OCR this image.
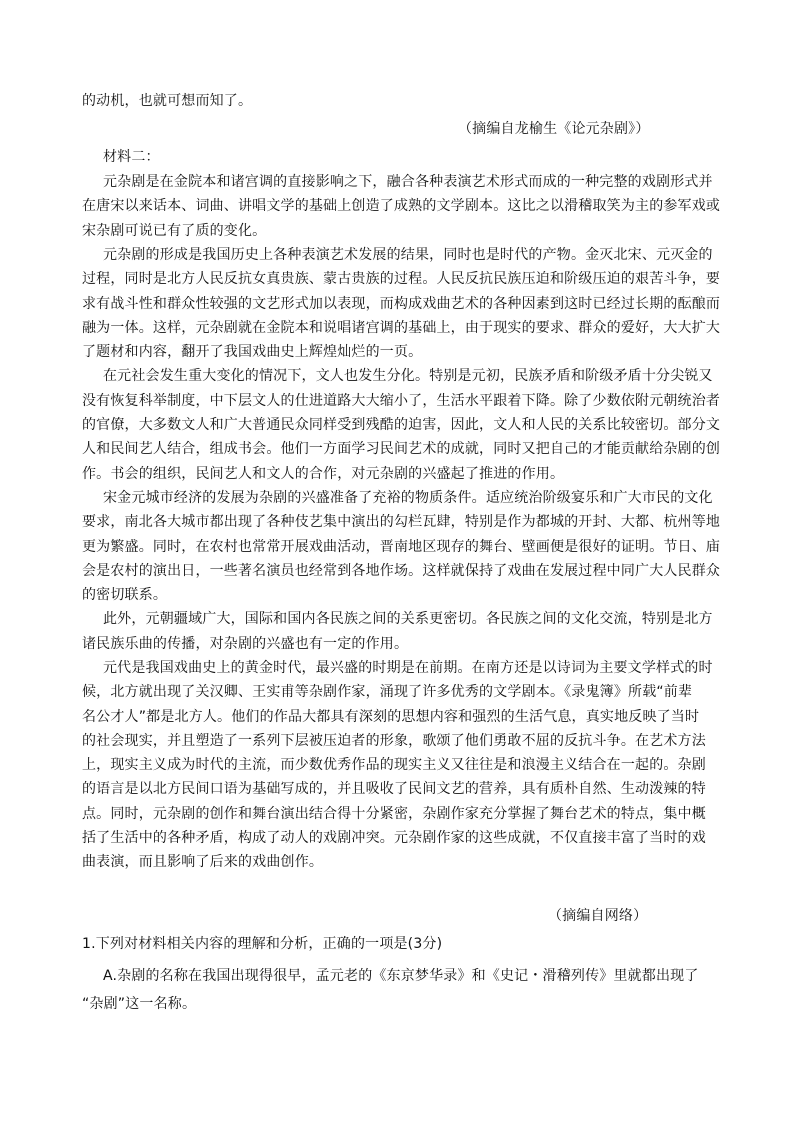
的动机，也就可想而知了。
（摘编自龙榆生《论元杂剧》）
材料二：
元杂剧是在金院本和诸宫调的直接影响之下，融合各种表演艺术形式而成的一种完整的戏剧形式并
在唐宋以来话本、词曲、讲唱文学的基础上创造了成熟的文学剧本。这比之以滑稽取笑为主的参军戏或
宋杂剧可说已有了质的变化。
元杂剧的形成是我国历史上各种表演艺术发展的结果，同时也是时代的产物。金灭北宋、元灭金的
过程，同时是北方人民反抗女真贵族、蒙古贵族的过程。人民反抗民族压迫和阶级压迫的艰苦斗争，要
求有战斗性和群众性较强的文艺形式加以表现，而构成戏曲艺术的各种因素到这时已经过长期的酝酿而
融为一体。这样，元杂剧就在金院本和说唱诸宫调的基础上，由于现实的要求、群众的爱好，大大扩大
了题材和内容，翻开了我国戏曲史上辉煌灿烂的一页。
在元社会发生重大变化的情况下，文人也发生分化。特别是元初，民族矛盾和阶级矛盾十分尖锐又
没有恢复科举制度，中下层文人的仕进道路大大缩小了，生活水平跟着下降。除了少数依附元朝统治者
的官僚，大多数文人和广大普通民众同样受到残酷的迫害，因此，文人和人民的关系比较密切。部分文
人和民间艺人结合，组成书会。他们一方面学习民间艺术的成就，同时又把自己的才能贡献给杂剧的创
作。书会的组织，民间艺人和文人的合作，对元杂剧的兴盛起了推进的作用。
宋金元城市经济的发展为杂剧的兴盛准备了充裕的物质条件。适应统治阶级宴乐和广大市民的文化
要求，南北各大城市都出现了各种伎艺集中演出的勾栏瓦肆，特别是作为都城的开封、大都、杭州等地
更为繁盛。同时，在农村也常常开展戏曲活动，晋南地区现存的舞台、壁画便是很好的证明。节日、庙
会是农村的演出日，一些著名演员也经常到各地作场。这样就保持了戏曲在发展过程中同广大人民群众
的密切联系。
此外，元朝疆域广大，国际和国内各民族之间的关系更密切。各民族之间的文化交流，特别是北方
诸民族乐曲的传播，对杂剧的兴盛也有一定的作用。
元代是我国戏曲史上的黄金时代，最兴盛的时期是在前期。在南方还是以诗词为主要文学样式的时
候，北方就出现了关汉卿、王实甫等杂剧作家，涌现了许多优秀的文学剧本。《录鬼簿》所载“前辈
名公才人”都是北方人。他们的作品大都具有深刻的思想内容和强烈的生活气息，真实地反映了当时
的社会现实，并且塑造了一系列下层被压迫者的形象，歌颂了他们勇敢不屈的反抗斗争。在艺术方法
上，现实主义成为时代的主流，而少数优秀作品的现实主义又往往是和浪漫主义结合在一起的。杂剧
的语言是以北方民间口语为基础写成的，并且吸收了民间文艺的营养，具有质朴自然、生动泼辣的特
点。同时，元杂剧的创作和舞台演出结合得十分紧密，杂剧作家充分掌握了舞台艺术的特点，集中概
括了生活中的各种矛盾，构成了动人的戏剧冲突。元杂剧作家的这些成就，不仅直接丰富了当时的戏
曲表演，而且影响了后来的戏曲创作。
（摘编自网络）
1.下列对材料相关内容的理解和分析，正确的一项是(3分)
A.杂剧的名称在我国出现得很早，孟元老的《东京梦华录》和《史记・滑稽列传》里就都出现了
“杂剧”这一名称。
